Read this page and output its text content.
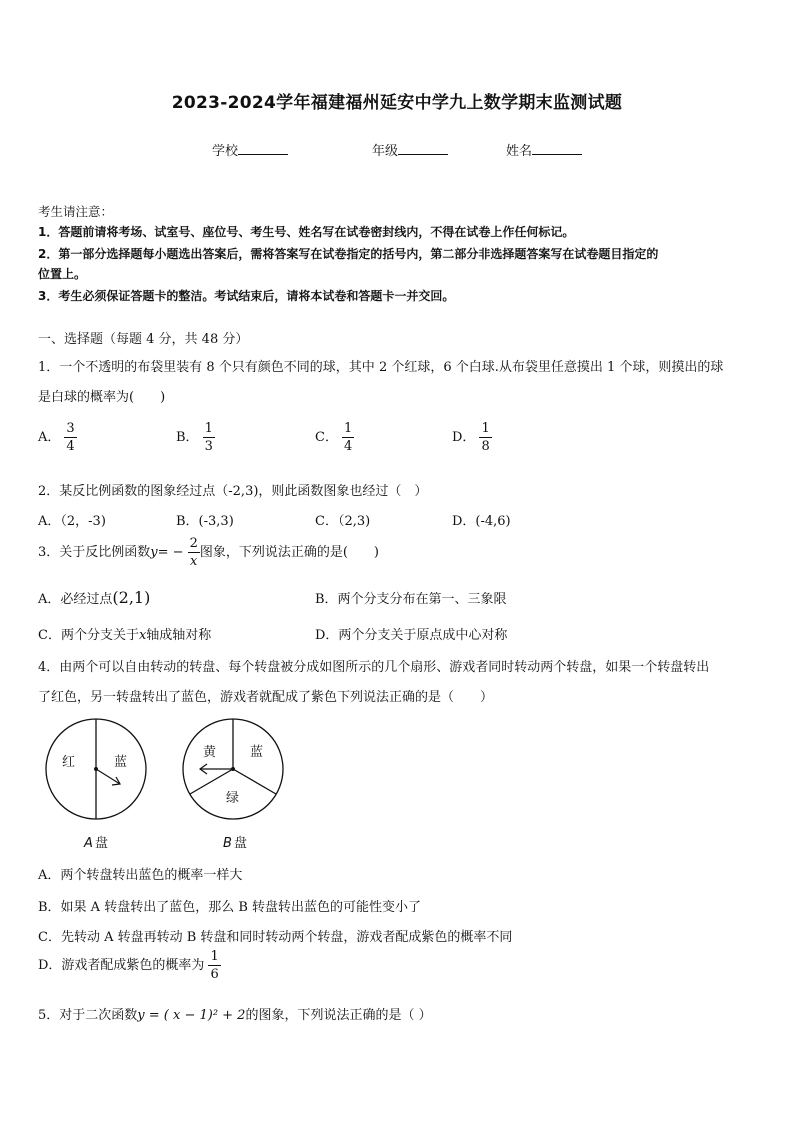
2023-2024学年福建福州延安中学九上数学期末监测试题
学校	年级	姓名
考生请注意：
1．答题前请将考场、试室号、座位号、考生号、姓名写在试卷密封线内，不得在试卷上作任何标记。
2．第一部分选择题每小题选出答案后，需将答案写在试卷指定的括号内，第二部分非选择题答案写在试卷题目指定的
位置上。
3．考生必须保证答题卡的整洁。考试结束后，请将本试卷和答题卡一并交回。
一、选择题（每题 4 分，共 48 分）
1．一个不透明的布袋里装有 8 个只有颜色不同的球，其中 2 个红球，6 个白球.从布袋里任意摸出 1 个球，则摸出的球
是白球的概率为(　　)
A． $\frac{3}{4}$	B． $\frac{1}{3}$	C． $\frac{1}{4}$	D． $\frac{1}{8}$
2．某反比例函数的图象经过点（-2,3)，则此函数图象也经过（　）
A．（2，-3)	B．(-3,3)	C．（2,3)	D．(-4,6)
3．关于反比例函数$y= - \frac{2}{x}$ 图象，下列说法正确的是(　　)
A．必经过点(2,1)	B．两个分支分布在第一、三象限
C．两个分支关于x轴成轴对称	D．两个分支关于原点成中心对称
4．由两个可以自由转动的转盘、每个转盘被分成如图所示的几个扇形、游戏者同时转动两个转盘，如果一个转盘转出
了红色，另一转盘转出了蓝色，游戏者就配成了紫色下列说法正确的是（　　）
红	蓝
A 盘
黄	蓝
绿
B 盘
A．两个转盘转出蓝色的概率一样大
B．如果 A 转盘转出了蓝色，那么 B 转盘转出蓝色的可能性变小了
C．先转动 A 转盘再转动 B 转盘和同时转动两个转盘，游戏者配成紫色的概率不同
D．游戏者配成紫色的概率为 $\frac{1}{6}$
5．对于二次函数y = ( x − 1)² + 2的图象，下列说法正确的是（ ）
